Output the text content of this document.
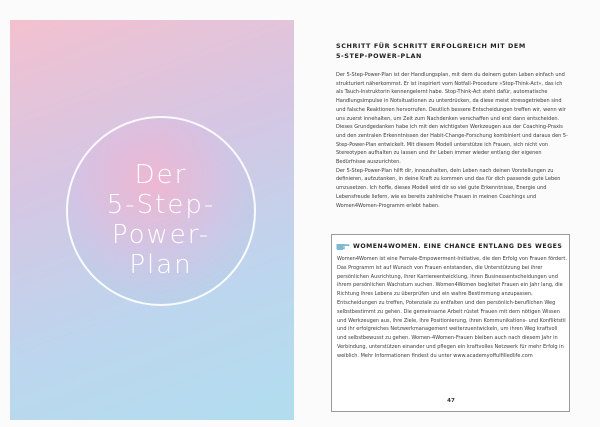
Der
5-Step-
Power-
Plan
SCHRITT FÜR SCHRITT ERFOLGREICH MIT DEM
5-STEP-POWER-PLAN

Der 5-Step-Power-Plan ist der Handlungsplan, mit dem du deinem guten Leben einfach und strukturiert näherkommst. Er ist inspiriert vom Notfall-Procedure »Stop-Think-Act«, das ich als Tauch-Instruktorin kennengelernt habe. Stop-Think-Act steht dafür, automatische Handlungsimpulse in Notsituationen zu unterdrücken, da diese meist stressgetrieben sind und falsche Reaktionen hervorrufen. Deutlich bessere Entscheidungen treffen wir, wenn wir uns zuerst innehalten, um Zeit zum Nachdenken verschaffen und erst dann entscheiden. Dieses Grundgedanken habe ich mit den wichtigsten Werkzeugen aus der Coaching-Praxis und den zentralen Erkenntnissen der Habit-Change-Forschung kombiniert und daraus den 5-Step-Power-Plan entwickelt. Mit diesem Modell unterstütze ich Frauen, sich nicht von Stereotypen aufhalten zu lassen und ihr Leben immer wieder entlang der eigenen Bedürfnisse auszurichten.

Der 5-Step-Power-Plan hilft dir, innezuhalten, dein Leben nach deinen Vorstellungen zu definieren, aufzutanken, in deine Kraft zu kommen und das für dich passende gute Leben umzusetzen. Ich hoffe, dieses Modell wird dir so viel gute Erkenntnisse, Energie und Lebensfreude liefern, wie es bereits zahlreiche Frauen in meinen Coachings und Women4Women-Programm erlebt haben.

WOMEN4WOMEN. EINE CHANCE ENTLANG DES WEGES
Women4Women ist eine Female-Empowerment-Initiative, die den Erfolg von Frauen fördert. Das Programm ist auf Wunsch von Frauen entstanden, die Unterstützung bei ihrer persönlichen Ausrichtung, ihrer Karriereentwicklung, ihren Businessentscheidungen und ihrem persönlichen Wachstum suchen. Women4Women begleitet Frauen ein Jahr lang, die Richtung ihres Lebens zu überprüfen und ein wahre Bestimmung anzupassen, Entscheidungen zu treffen, Potenziale zu entfalten und den persönlich-beruflichen Weg selbstbestimmt zu gehen. Die gemeinsame Arbeit rüstet Frauen mit dem nötigen Wissen und Werkzeugen aus, ihre Ziele, ihre Positionierung, ihren Kommunikations- und Konfliktstil und ihr erfolgreiches Netzwerkmanagement weiterzuentwickeln, um ihren Weg kraftvoll und selbstbewusst zu gehen. Women-4Women-Frauen bleiben auch nach diesem Jahr in Verbindung, unterstützen einander und pflegen ein kraftvolles Netzwerk für mehr Erfolg in weiblich. Mehr Informationen findest du unter www.academyoffulfilledlife.com
47
